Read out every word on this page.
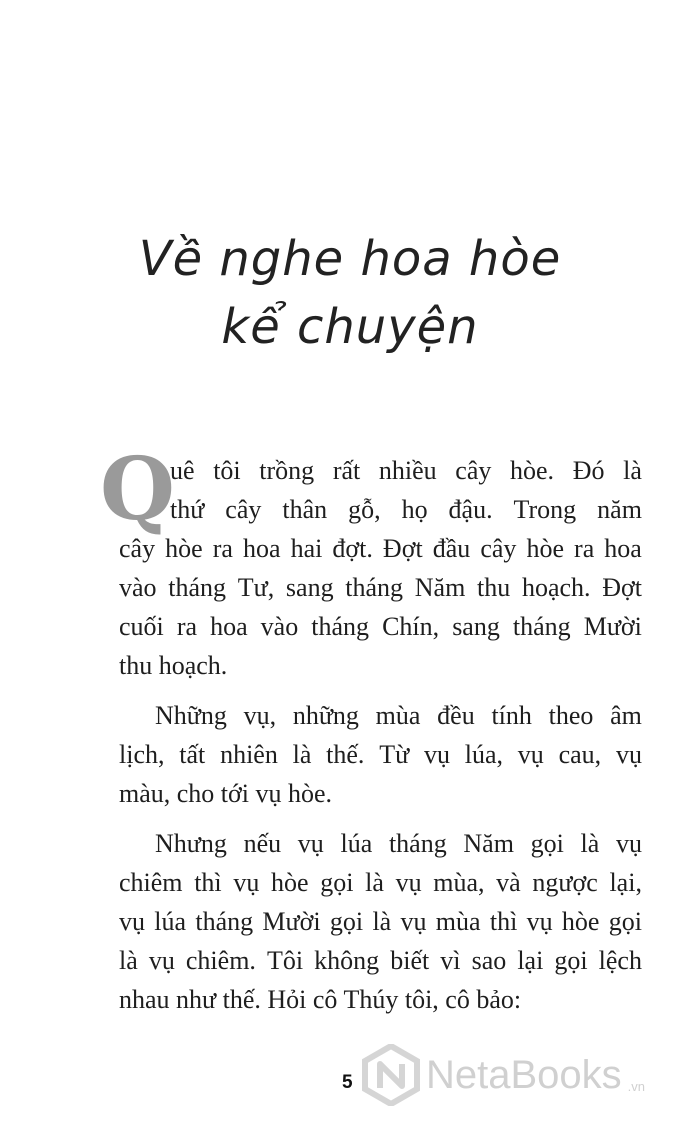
Về nghe hoa hòe
kể chuyện
Q
uê tôi trồng rất nhiều cây hòe. Đó là
thứ cây thân gỗ, họ đậu. Trong năm
cây hòe ra hoa hai đợt. Đợt đầu cây hòe ra hoa
vào tháng Tư, sang tháng Năm thu hoạch. Đợt
cuối ra hoa vào tháng Chín, sang tháng Mười
thu hoạch.
Những vụ, những mùa đều tính theo âm
lịch, tất nhiên là thế. Từ vụ lúa, vụ cau, vụ
màu, cho tới vụ hòe.
Nhưng nếu vụ lúa tháng Năm gọi là vụ
chiêm thì vụ hòe gọi là vụ mùa, và ngược lại,
vụ lúa tháng Mười gọi là vụ mùa thì vụ hòe gọi
là vụ chiêm. Tôi không biết vì sao lại gọi lệch
nhau như thế. Hỏi cô Thúy tôi, cô bảo:
5 NetaBooks .vn
